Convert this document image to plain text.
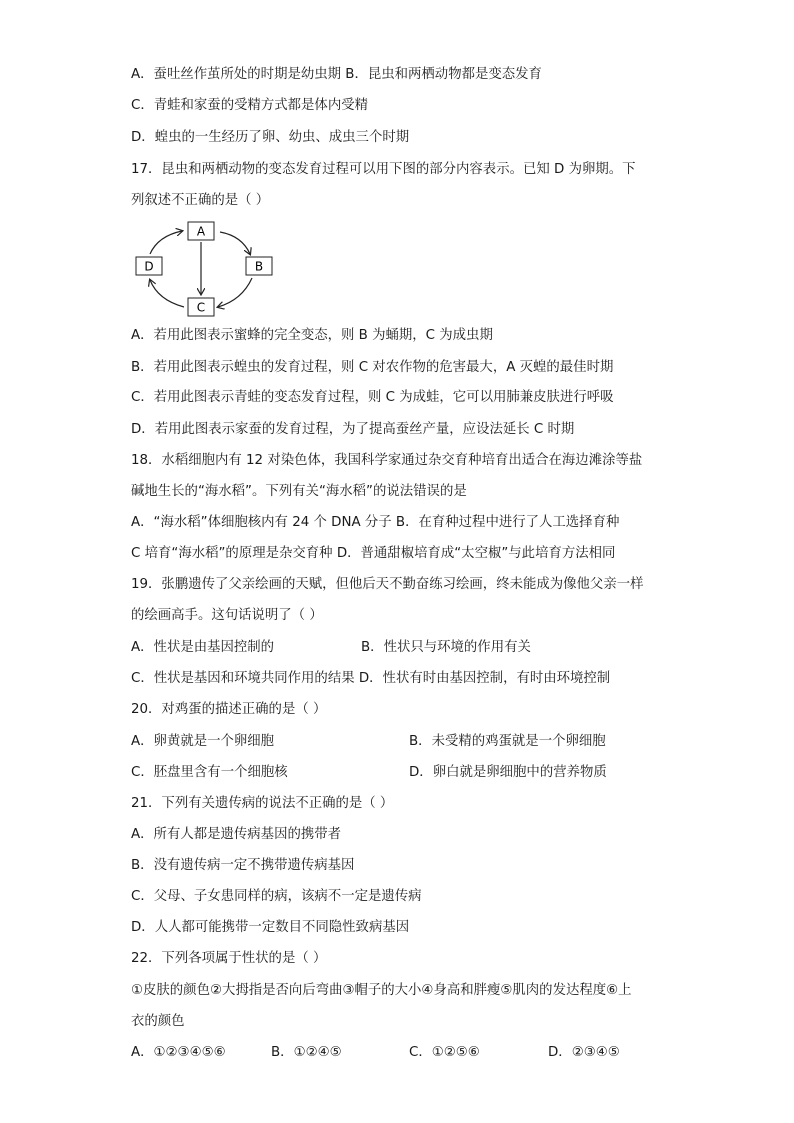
A．蚕吐丝作茧所处的时期是幼虫期 B．昆虫和两栖动物都是变态发育
C．青蛙和家蚕的受精方式都是体内受精
D．蝗虫的一生经历了卵、幼虫、成虫三个时期
17．昆虫和两栖动物的变态发育过程可以用下图的部分内容表示。已知 D 为卵期。下
列叙述不正确的是（ ）
A
B
C
D
A．若用此图表示蜜蜂的完全变态，则 B 为蛹期，C 为成虫期
B．若用此图表示蝗虫的发育过程，则 C 对农作物的危害最大，A 灭蝗的最佳时期
C．若用此图表示青蛙的变态发育过程，则 C 为成蛙，它可以用肺兼皮肤进行呼吸
D．若用此图表示家蚕的发育过程，为了提高蚕丝产量，应设法延长 C 时期
18．水稻细胞内有 12 对染色体，我国科学家通过杂交育种培育出适合在海边滩涂等盐
碱地生长的“海水稻”。下列有关“海水稻”的说法错误的是
A．“海水稻”体细胞核内有 24 个 DNA 分子 B．在育种过程中进行了人工选择育种
C 培育“海水稻”的原理是杂交育种 D．普通甜椒培育成“太空椒”与此培育方法相同
19．张鹏遗传了父亲绘画的天赋，但他后天不勤奋练习绘画，终未能成为像他父亲一样
的绘画高手。这句话说明了（ ）
A．性状是由基因控制的	B．性状只与环境的作用有关
C．性状是基因和环境共同作用的结果 D．性状有时由基因控制，有时由环境控制
20．对鸡蛋的描述正确的是（ ）
A．卵黄就是一个卵细胞	B．未受精的鸡蛋就是一个卵细胞
C．胚盘里含有一个细胞核	D．卵白就是卵细胞中的营养物质
21．下列有关遗传病的说法不正确的是（ ）
A．所有人都是遗传病基因的携带者
B．没有遗传病一定不携带遗传病基因
C．父母、子女患同样的病，该病不一定是遗传病
D．人人都可能携带一定数目不同隐性致病基因
22．下列各项属于性状的是（ ）
①皮肤的颜色②大拇指是否向后弯曲③帽子的大小④身高和胖瘦⑤肌肉的发达程度⑥上
衣的颜色
A．①②③④⑤⑥	B．①②④⑤	C．①②⑤⑥	D．②③④⑤
